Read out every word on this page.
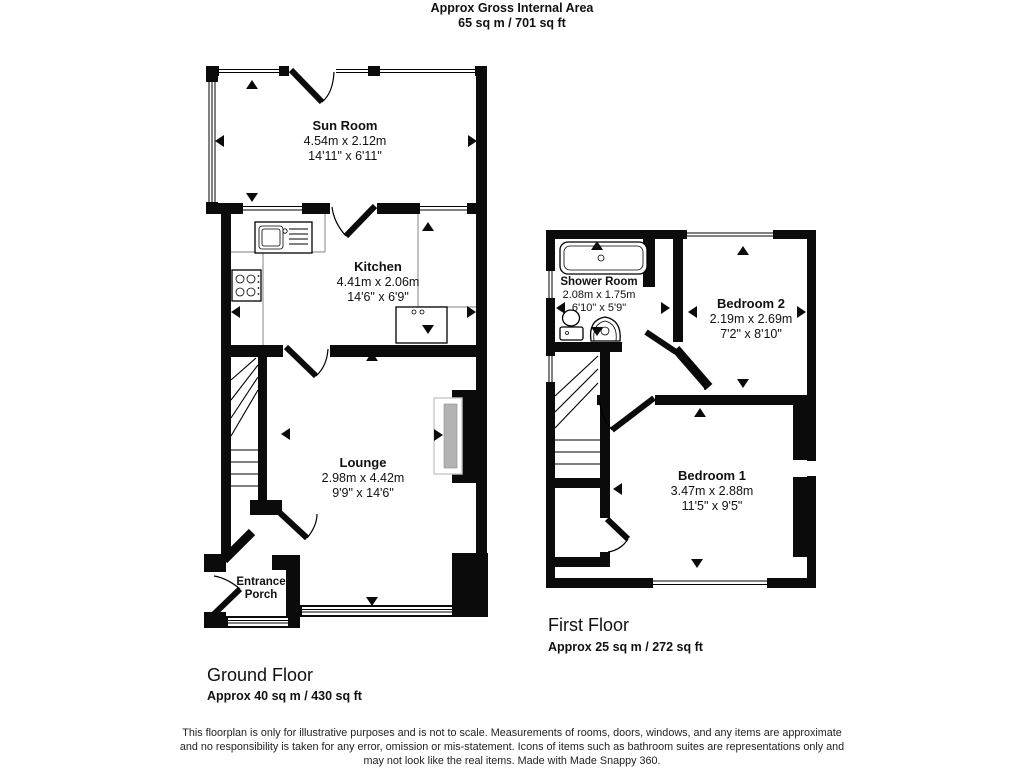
Approx Gross Internal Area
65 sq m / 701 sq ft
Sun Room
4.54m x 2.12m
14'11" x 6'11"
Kitchen
4.41m x 2.06m
14'6" x 6'9"
Lounge
2.98m x 4.42m
9'9" x 14'6"
Entrance
Porch
Ground Floor
Approx 40 sq m / 430 sq ft
Shower Room
2.08m x 1.75m
6'10" x 5'9"	Bedroom 2
2.19m x 2.69m
7'2" x 8'10"
Bedroom 1
3.47m x 2.88m
11'5" x 9'5"
First Floor
Approx 25 sq m / 272 sq ft
This floorplan is only for illustrative purposes and is not to scale. Measurements of rooms, doors, windows, and any items are approximate
and no responsibility is taken for any error, omission or mis-statement. Icons of items such as bathroom suites are representations only and
may not look like the real items. Made with Made Snappy 360.
